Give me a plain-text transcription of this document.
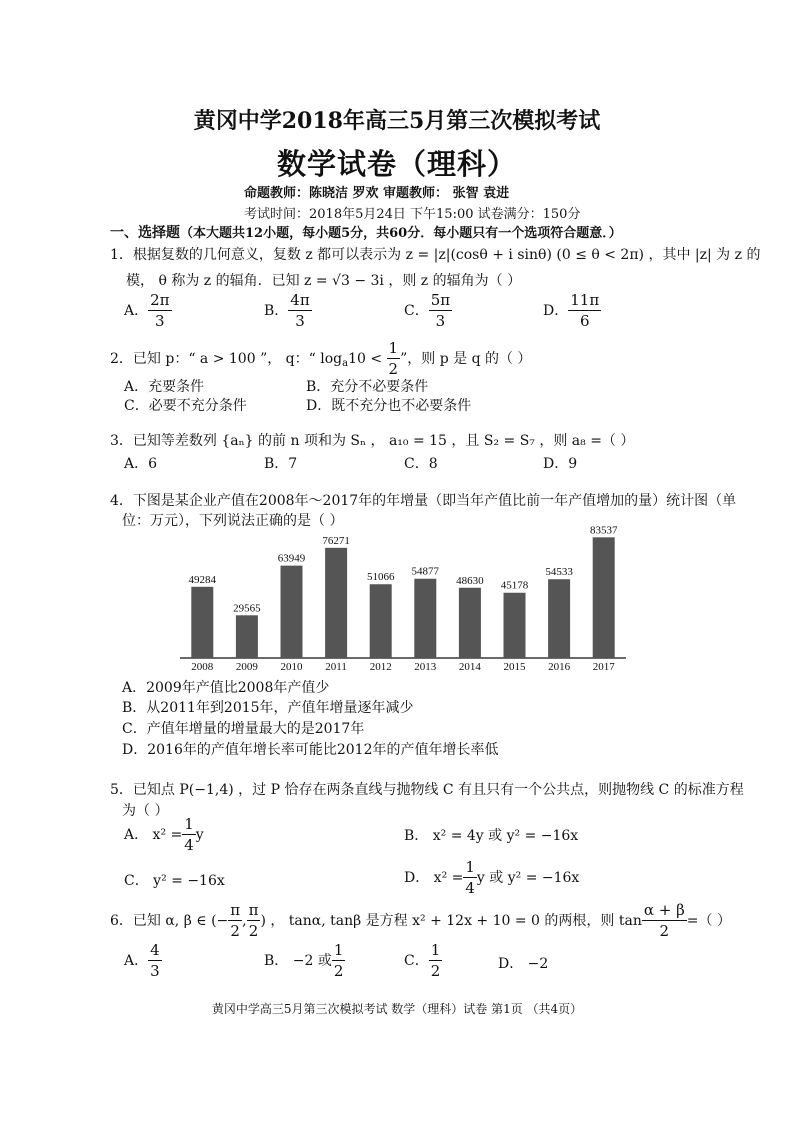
黄冈中学2018年高三5月第三次模拟考试
数学试卷（理科）
命题教师：陈晓洁 罗欢 审题教师： 张智 袁进
考试时间：2018年5月24日 下午15:00 试卷满分：150分
一、选择题（本大题共12小题，每小题5分，共60分．每小题只有一个选项符合题意．）
1．根据复数的几何意义，复数 z 都可以表示为 z = |z|(cosθ + i sinθ) (0 ≤ θ < 2π) ，其中 |z| 为 z 的
模， θ 称为 z 的辐角．已知 z = √3 − 3i ，则 z 的辐角为（ ）
A． $\frac{2\pi}{3}$	B． $\frac{4\pi}{3}$	C． $\frac{5\pi}{3}$	D． $\frac{11\pi}{6}$
2．已知 p：“ a > 100 ”， q：“ $\log_a10 < \frac{1}{2}$ ”，则 p 是 q 的（ ）
A．充要条件	B．充分不必要条件
C．必要不充分条件	D．既不充分也不必要条件
3．已知等差数列 {aₙ} 的前 n 项和为 Sₙ ， a₁₀ = 15 ，且 S₂ = S₇ ，则 a₈ =（ ）
A．6	B．7	C．8	D．9
4．下图是某企业产值在2008年～2017年的年增量（即当年产值比前一年产值增加的量）统计图（单
位：万元），下列说法正确的是（ ）
49284
2008
29565
2009
63949
2010
76271
2011
51066
2012
54877
2013
48630
2014
45178
2015
54533
2016
83537
2017
A．2009年产值比2008年产值少
B．从2011年到2015年，产值年增量逐年减少
C．产值年增量的增量最大的是2017年
D．2016年的产值年增长率可能比2012年的产值年增长率低
5．已知点 P(−1,4) ，过 P 恰存在两条直线与抛物线 C 有且只有一个公共点，则抛物线 C 的标准方程
为（ ）
A． $x^2 = \frac{1}{4}$ y	B． x² = 4y 或 y² = −16x
C． y² = −16x	D． $x^2 = \frac{1}{4}$ y 或 y² = −16x
6．已知 α, β ∈ (− $\frac{\pi}{2}$ , $\frac{\pi}{2}$ ) ， tanα, tanβ 是方程 x² + 12x + 10 = 0 的两根，则 $\tan \frac{\alpha + \beta}{2}$ =（ ）
A． $\frac{4}{3}$	B． −2 或 $\frac{1}{2}$	C． $\frac{1}{2}$	D． −2
黄冈中学高三5月第三次模拟考试 数学（理科）试卷 第1页 （共4页）
